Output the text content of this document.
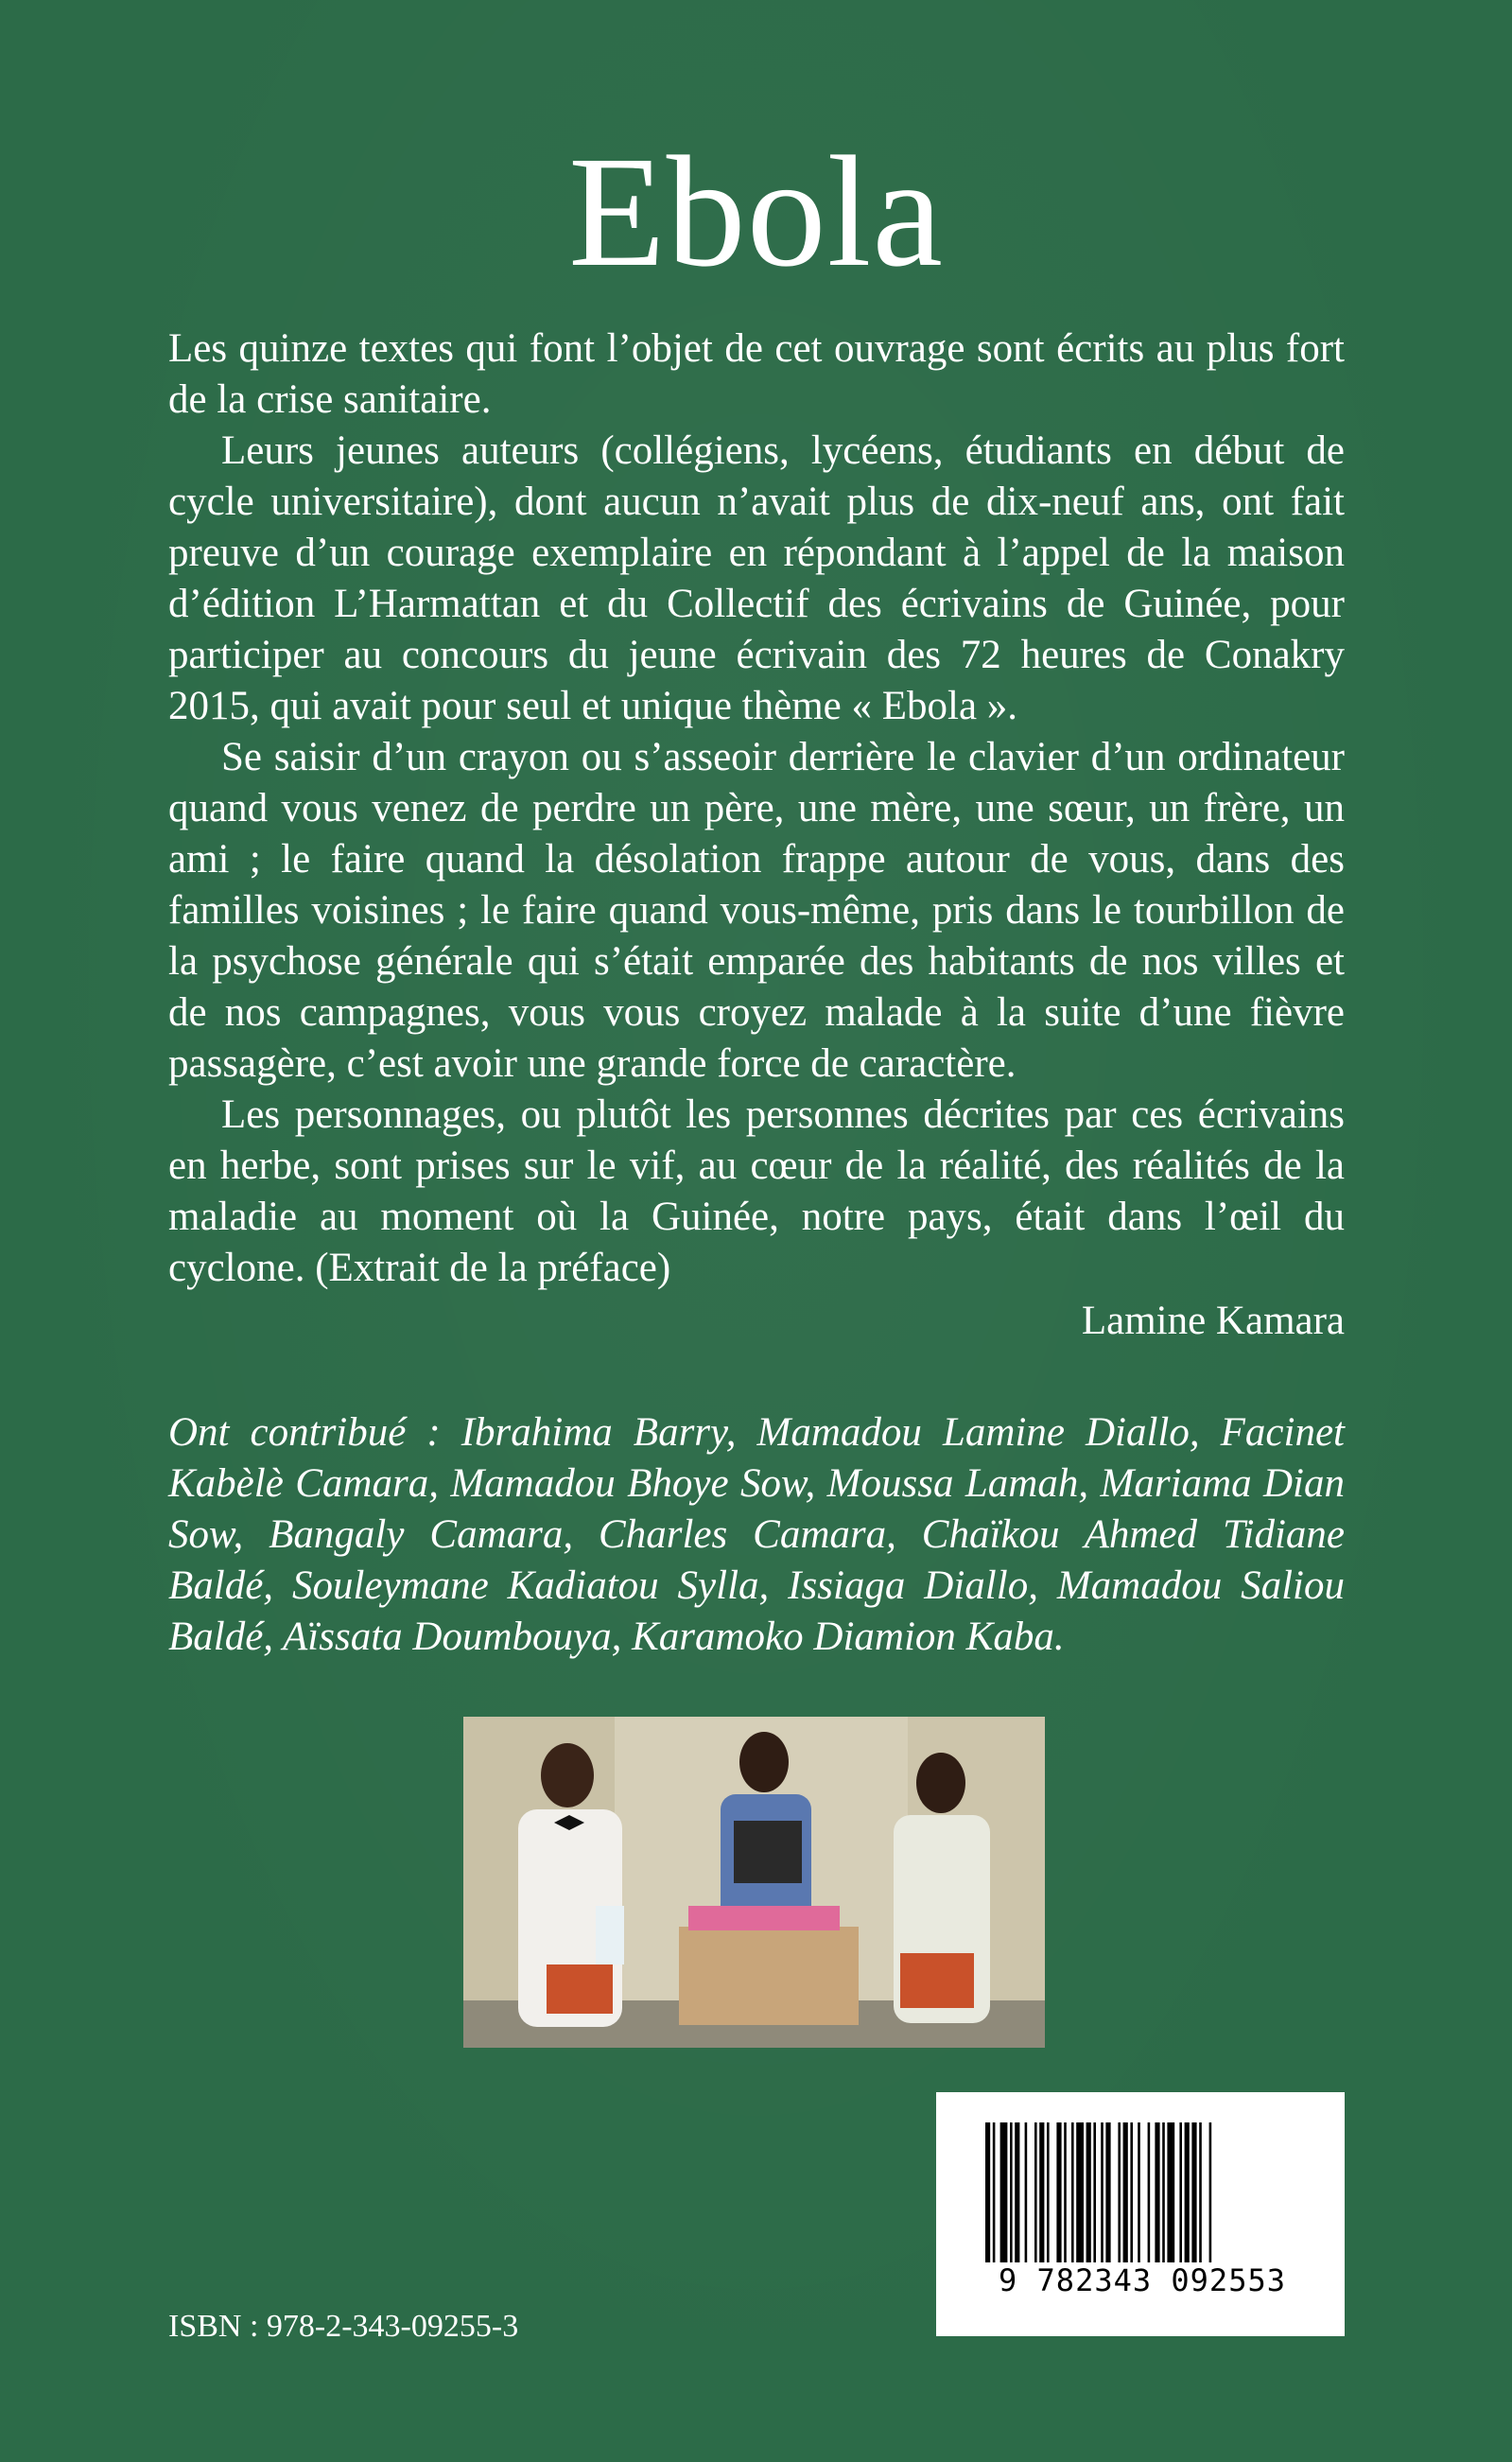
Ebola

Les quinze textes qui font l’objet de cet ouvrage sont écrits au plus fort de la crise sanitaire.

Leurs jeunes auteurs (collégiens, lycéens, étudiants en début de cycle universitaire), dont aucun n’avait plus de dix-neuf ans, ont fait preuve d’un courage exemplaire en répondant à l’appel de la maison d’édition L’Harmattan et du Collectif des écrivains de Guinée, pour participer au concours du jeune écrivain des 72 heures de Conakry 2015, qui avait pour seul et unique thème « Ebola ».

Se saisir d’un crayon ou s’asseoir derrière le clavier d’un ordinateur quand vous venez de perdre un père, une mère, une sœur, un frère, un ami ; le faire quand la désolation frappe autour de vous, dans des familles voisines ; le faire quand vous-même, pris dans le tourbillon de la psychose générale qui s’était emparée des habitants de nos villes et de nos campagnes, vous vous croyez malade à la suite d’une fièvre passagère, c’est avoir une grande force de caractère.

Les personnages, ou plutôt les personnes décrites par ces écrivains en herbe, sont prises sur le vif, au cœur de la réalité, des réalités de la maladie au moment où la Guinée, notre pays, était dans l’œil du cyclone. (Extrait de la préface)

Lamine Kamara

Ont contribué : Ibrahima Barry, Mamadou Lamine Diallo, Facinet Kabèlè Camara, Mamadou Bhoye Sow, Moussa Lamah, Mariama Dian Sow, Bangaly Camara, Charles Camara, Chaïkou Ahmed Tidiane Baldé, Souleymane Kadiatou Sylla, Issiaga Diallo, Mamadou Saliou Baldé, Aïssata Doumbouya, Karamoko Diamion Kaba.

ISBN : 978-2-343-09255-3
9 782343 092553
